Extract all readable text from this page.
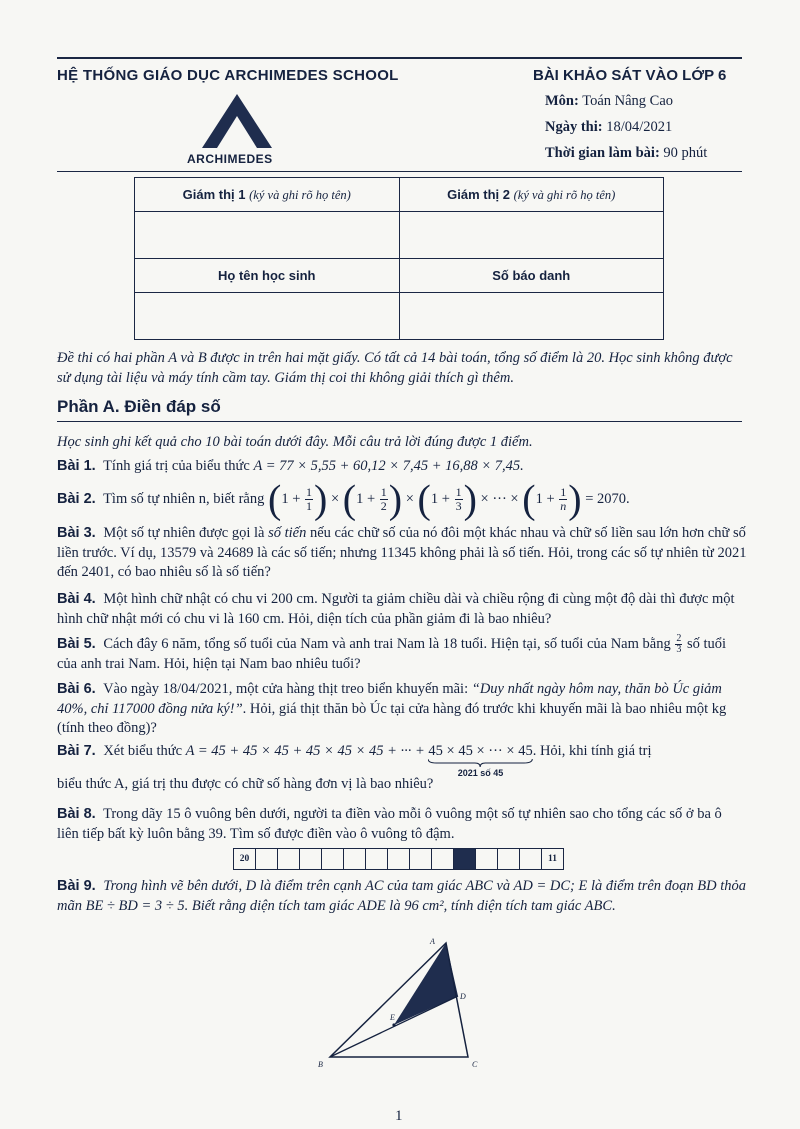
HỆ THỐNG GIÁO DỤC ARCHIMEDES SCHOOL
ARCHIMEDES
BÀI KHẢO SÁT VÀO LỚP 6
Môn: Toán Nâng Cao
Ngày thi: 18/04/2021
Thời gian làm bài: 90 phút
Giám thị 1 (ký và ghi rõ họ tên)	Giám thị 2 (ký và ghi rõ họ tên)

Họ tên học sinh	Số báo danh

Đề thi có hai phần A và B được in trên hai mặt giấy. Có tất cả 14 bài toán, tổng số điểm là 20. Học sinh không được sử dụng tài liệu và máy tính cầm tay. Giám thị coi thi không giải thích gì thêm.
Phần A. Điền đáp số
Học sinh ghi kết quả cho 10 bài toán dưới đây. Mỗi câu trả lời đúng được 1 điểm.
Bài 1. Tính giá trị của biểu thức A = 77 × 5,55 + 60,12 × 7,45 + 16,88 × 7,45.
Bài 2. Tìm số tự nhiên n, biết rằng ($1 + \frac{1}{1}$ ) × ($1 + \frac{1}{2}$ ) × ($1 + \frac{1}{3}$ ) × ··· × ($1 + \frac{1}{n}$ ) = 2070.
Bài 3. Một số tự nhiên được gọi là số tiến nếu các chữ số của nó đôi một khác nhau và chữ số liền sau lớn hơn chữ số liền trước. Ví dụ, 13579 và 24689 là các số tiến; nhưng 11345 không phải là số tiến. Hỏi, trong các số tự nhiên từ 2021 đến 2401, có bao nhiêu số là số tiến?
Bài 4. Một hình chữ nhật có chu vi 200 cm. Người ta giảm chiều dài và chiều rộng đi cùng một độ dài thì được một hình chữ nhật mới có chu vi là 160 cm. Hỏi, diện tích của phần giảm đi là bao nhiêu?
Bài 5. Cách đây 6 năm, tổng số tuổi của Nam và anh trai Nam là 18 tuổi. Hiện tại, số tuổi của Nam bằng $\frac{2}{3}$ số tuổi của anh trai Nam. Hỏi, hiện tại Nam bao nhiêu tuổi?
Bài 6. Vào ngày 18/04/2021, một cửa hàng thịt treo biển khuyến mãi: “Duy nhất ngày hôm nay, thăn bò Úc giảm 40%, chỉ 117000 đồng nửa ký!”. Hỏi, giá thịt thăn bò Úc tại cửa hàng đó trước khi khuyến mãi là bao nhiêu một kg (tính theo đồng)?
Bài 7. Xét biểu thức A = 45 + 45 × 45 + 45 × 45 × 45 + ··· + 45 × 45 × ··· × 45
2021 số 45
. Hỏi, khi tính giá trị
biểu thức A, giá trị thu được có chữ số hàng đơn vị là bao nhiêu?
Bài 8. Trong dãy 15 ô vuông bên dưới, người ta điền vào mỗi ô vuông một số tự nhiên sao cho tổng các số ở ba ô liên tiếp bất kỳ luôn bằng 39. Tìm số được điền vào ô vuông tô đậm.
20	11
Bài 9. Trong hình vẽ bên dưới, D là điểm trên cạnh AC của tam giác ABC và AD = DC; E là điểm trên đoạn BD thỏa mãn BE ÷ BD = 3 ÷ 5. Biết rằng diện tích tam giác ADE là 96 cm², tính diện tích tam giác ABC.
A
B	C
D
E
1
